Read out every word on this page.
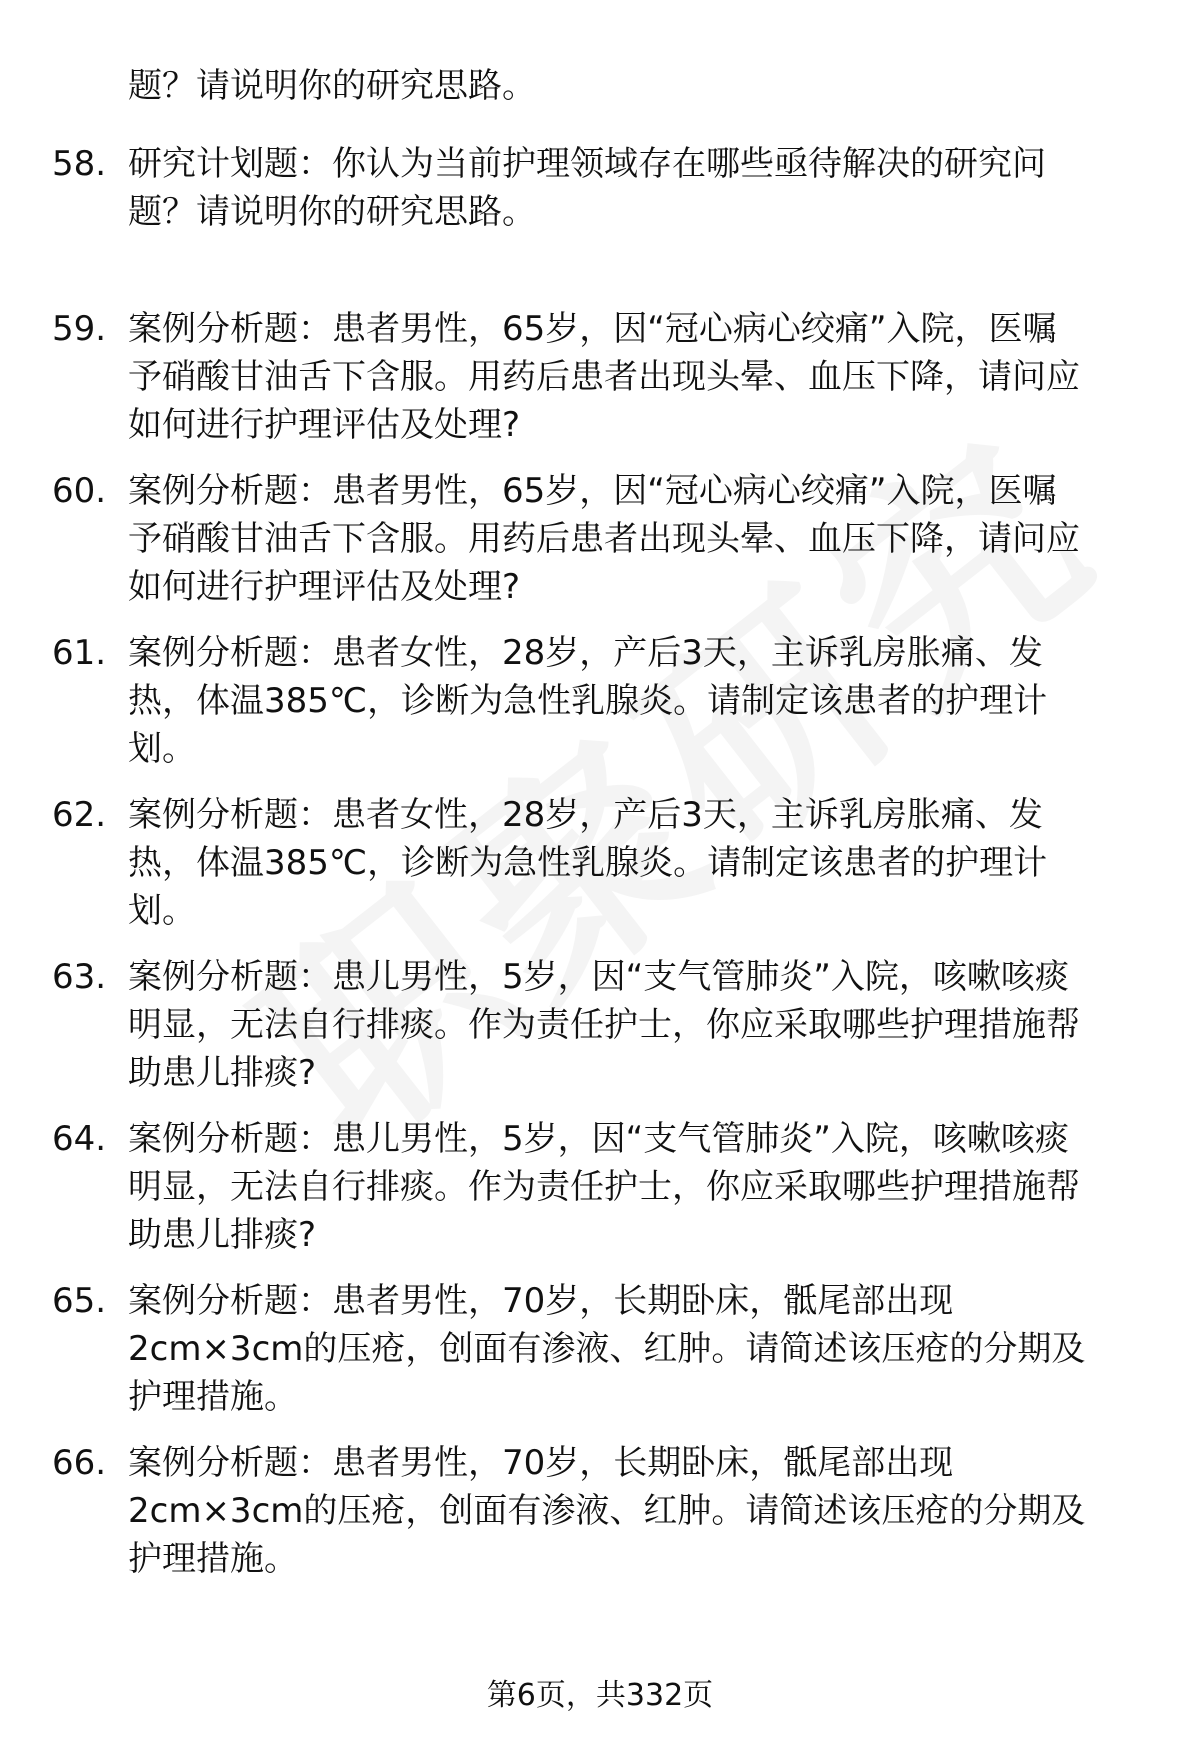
题？请说明你的研究思路。
58. 研究计划题：你认为当前护理领域存在哪些亟待解决的研究问
题？请说明你的研究思路。
59. 案例分析题：患者男性，65岁，因“冠心病心绞痛”入院，医嘱
予硝酸甘油舌下含服。用药后患者出现头晕、血压下降，请问应
如何进行护理评估及处理?
60. 案例分析题：患者男性，65岁，因“冠心病心绞痛”入院，医嘱
予硝酸甘油舌下含服。用药后患者出现头晕、血压下降，请问应
如何进行护理评估及处理?
61. 案例分析题：患者女性，28岁，产后3天，主诉乳房胀痛、发
热，体温385℃，诊断为急性乳腺炎。请制定该患者的护理计
划。
62. 案例分析题：患者女性，28岁，产后3天，主诉乳房胀痛、发
热，体温385℃，诊断为急性乳腺炎。请制定该患者的护理计
划。
63. 案例分析题：患儿男性，5岁，因“支气管肺炎”入院，咳嗽咳痰
明显，无法自行排痰。作为责任护士，你应采取哪些护理措施帮
助患儿排痰?
64. 案例分析题：患儿男性，5岁，因“支气管肺炎”入院，咳嗽咳痰
明显，无法自行排痰。作为责任护士，你应采取哪些护理措施帮
助患儿排痰?
65. 案例分析题：患者男性，70岁，长期卧床，骶尾部出现
2cm×3cm的压疮，创面有渗液、红肿。请简述该压疮的分期及
护理措施。
66. 案例分析题：患者男性，70岁，长期卧床，骶尾部出现
2cm×3cm的压疮，创面有渗液、红肿。请简述该压疮的分期及
护理措施。
第6页，共332页
